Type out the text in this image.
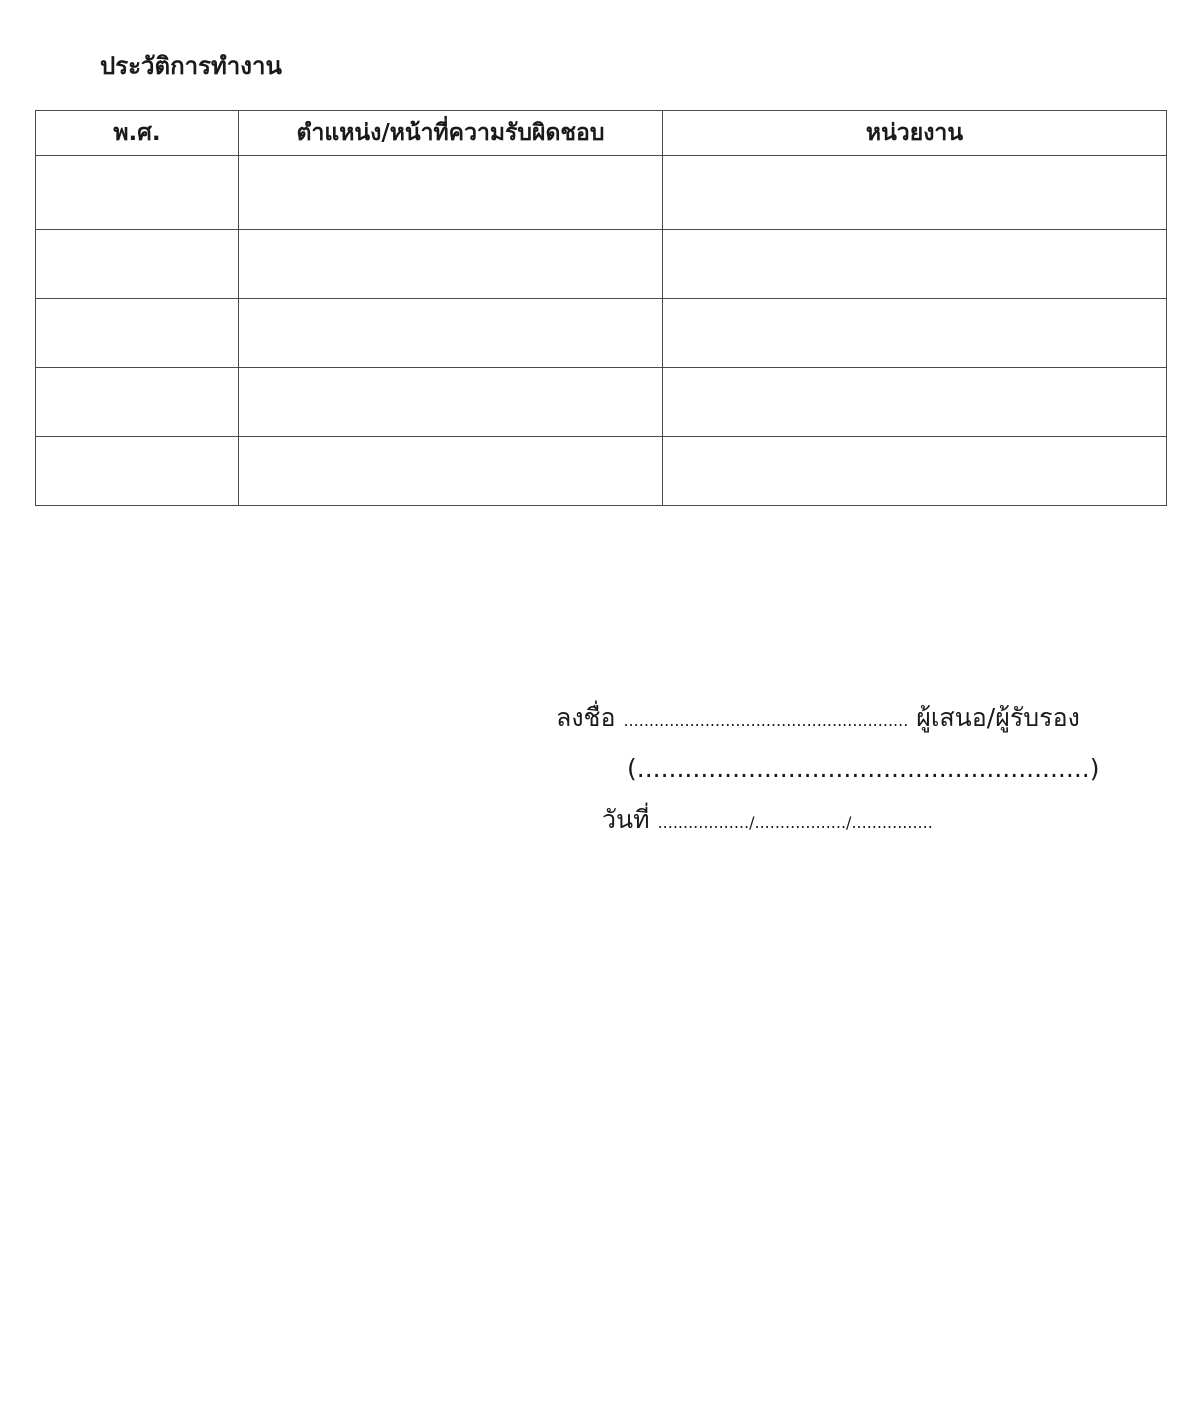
ประวัติการทำงาน
พ.ศ.	ตำแหน่ง/หน้าที่ความรับผิดชอบ	หน่วยงาน

ลงชื่อ ........................................................ ผู้เสนอ/ผู้รับรอง
(.........................................................)
วันที่ ................../................../................
